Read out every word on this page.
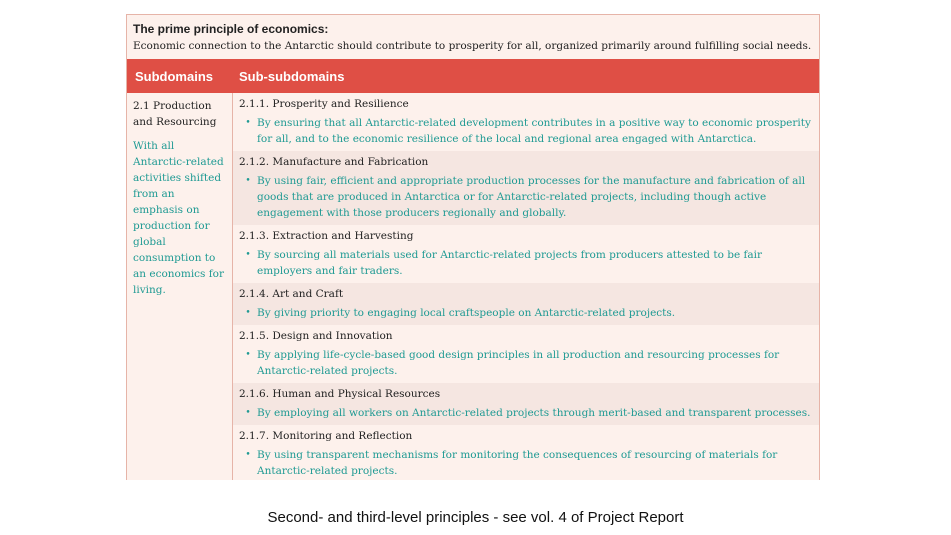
The prime principle of economics:
Economic connection to the Antarctic should contribute to prosperity for all, organized primarily around fulfilling social needs.
Subdomains	Sub-subdomains
2.1 Production and Resourcing
With all Antarctic-related activities shifted from an emphasis on production for global consumption to an economics for living.
2.1.1. Prosperity and Resilience
• By ensuring that all Antarctic-related development contributes in a positive way to economic prosperity for all, and to the economic resilience of the local and regional area engaged with Antarctica.
2.1.2. Manufacture and Fabrication
• By using fair, efficient and appropriate production processes for the manufacture and fabrication of all goods that are produced in Antarctica or for Antarctic-related projects, including though active engagement with those producers regionally and globally.
2.1.3. Extraction and Harvesting
• By sourcing all materials used for Antarctic-related projects from producers attested to be fair employers and fair traders.
2.1.4. Art and Craft
• By giving priority to engaging local craftspeople on Antarctic-related projects.
2.1.5. Design and Innovation
• By applying life-cycle-based good design principles in all production and resourcing processes for Antarctic-related projects.
2.1.6. Human and Physical Resources
• By employing all workers on Antarctic-related projects through merit-based and transparent processes.
2.1.7. Monitoring and Reflection
• By using transparent mechanisms for monitoring the consequences of resourcing of materials for Antarctic-related projects.
Second- and third-level principles - see vol. 4 of Project Report
